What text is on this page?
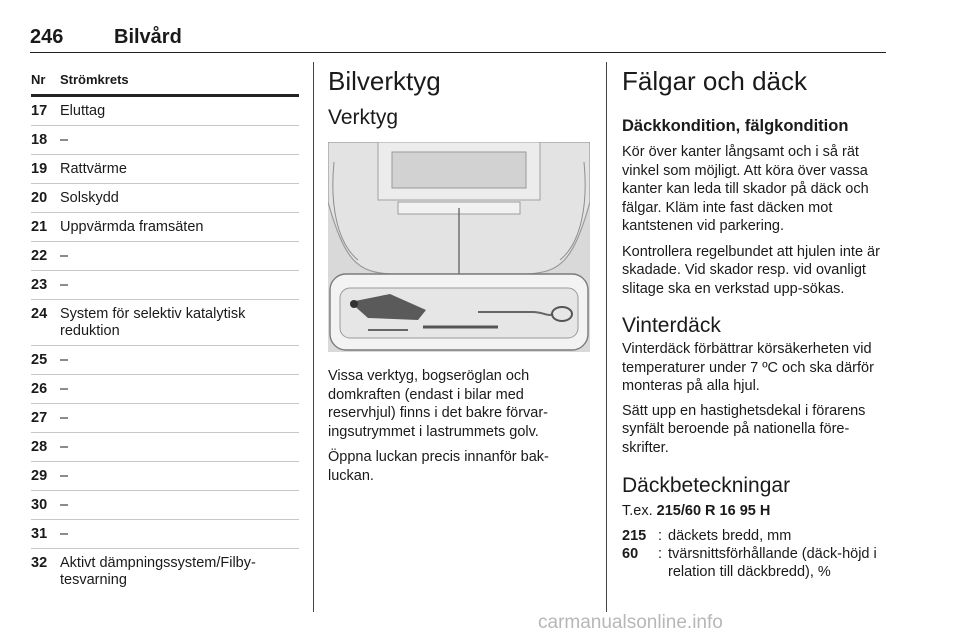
246	Bilvård
Nr Strömkrets
17 Eluttag
18 –
19 Rattvärme
20 Solskydd
21 Uppvärmda framsäten
22 –
23 –
24 System för selektiv katalytisk reduktion
25 –
26 –
27 –
28 –
29 –
30 –
31 –
32 Aktivt dämpningssystem/Filby-tesvarning
Bilverktyg
Verktyg

Vissa verktyg, bogseröglan och domkraften (endast i bilar med reservhjul) finns i det bakre förvar-ingsutrymmet i lastrummets golv.

Öppna luckan precis innanför bak-luckan.

Fälgar och däck
Däckkondition, fälgkondition

Kör över kanter långsamt och i så rät vinkel som möjligt. Att köra över vassa kanter kan leda till skador på däck och fälgar. Kläm inte fast däcken mot kantstenen vid parkering.

Kontrollera regelbundet att hjulen inte är skadade. Vid skador resp. vid ovanligt slitage ska en verkstad upp-sökas.

Vinterdäck

Vinterdäck förbättrar körsäkerheten vid temperaturer under 7 ºC och ska därför monteras på alla hjul.

Sätt upp en hastighetsdekal i förarens synfält beroende på nationella före-skrifter.

Däckbeteckningar

T.ex. 215/60 R 16 95 H

215 : däckets bredd, mm
60 : tvärsnittsförhållande (däck-höjd i relation till däckbredd), %
carmanualsonline.info
